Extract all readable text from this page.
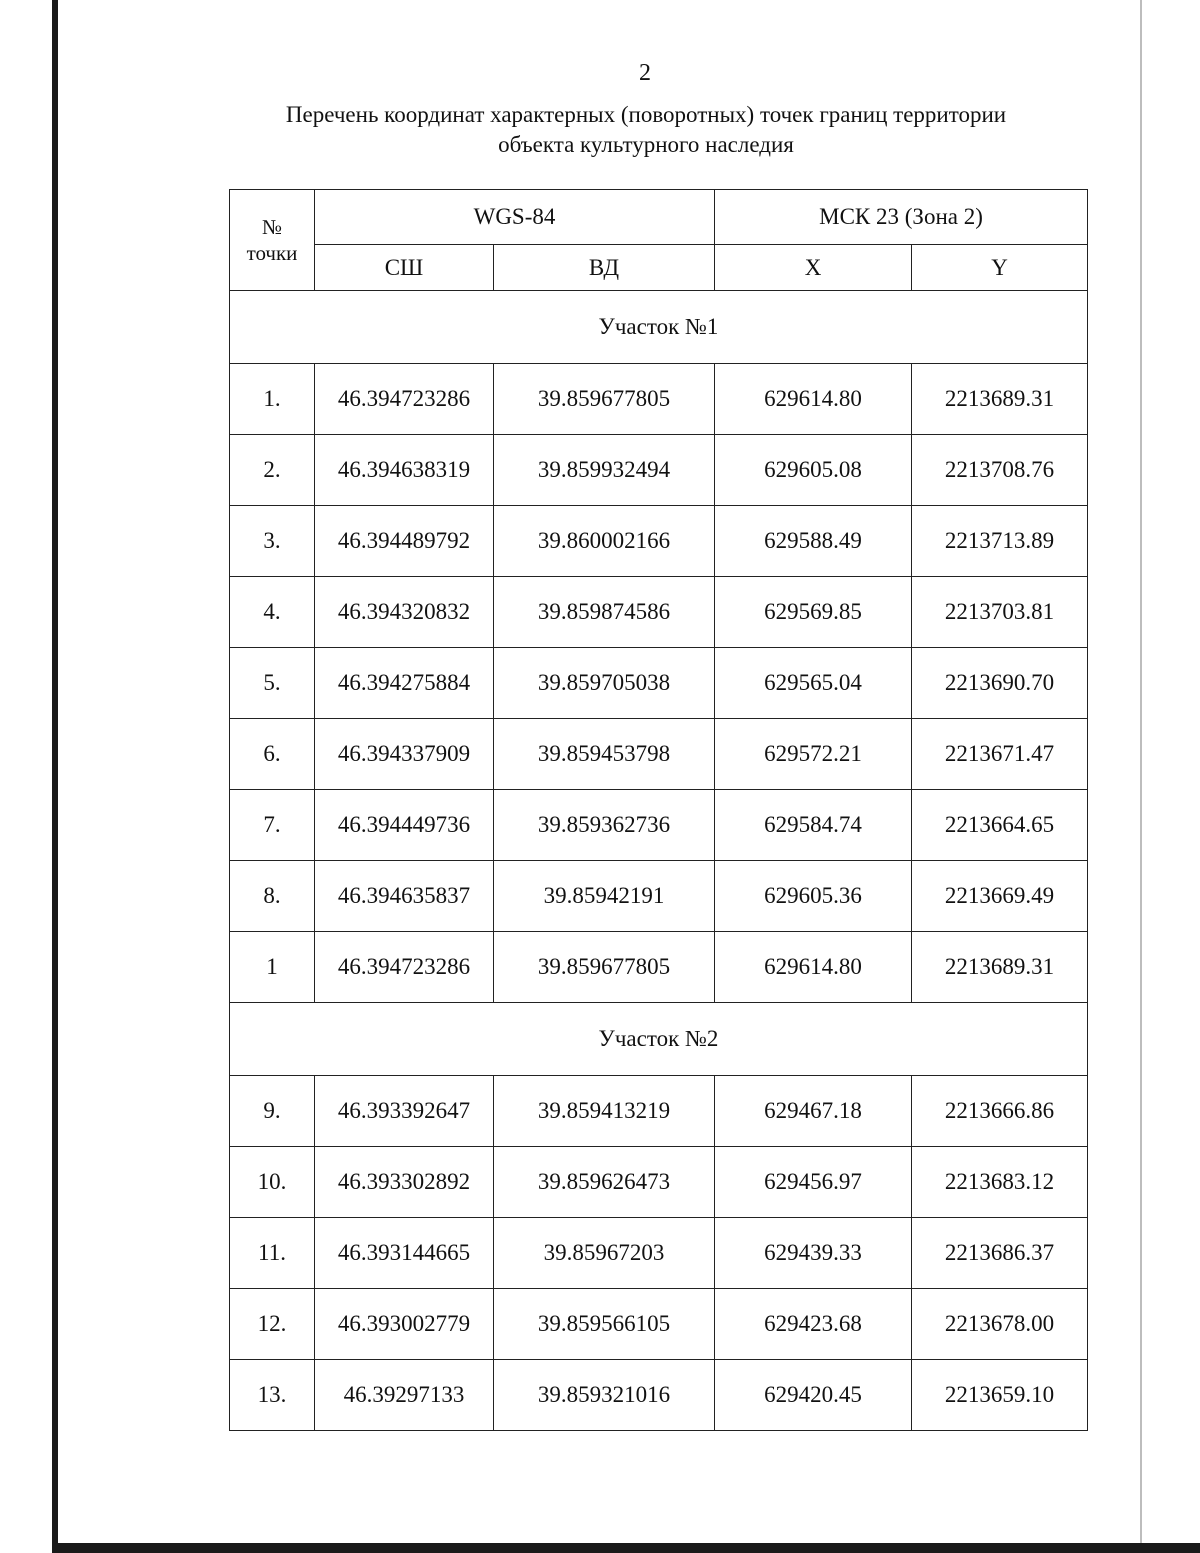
2
Перечень координат характерных (поворотных) точек границ территории
объекта культурного наследия
№
точки	WGS-84		МСК 23 (Зона 2)	
	СШ	ВД	X	Y
Участок №1				
1.	46.394723286	39.859677805	629614.80	2213689.31
2.	46.394638319	39.859932494	629605.08	2213708.76
3.	46.394489792	39.860002166	629588.49	2213713.89
4.	46.394320832	39.859874586	629569.85	2213703.81
5.	46.394275884	39.859705038	629565.04	2213690.70
6.	46.394337909	39.859453798	629572.21	2213671.47
7.	46.394449736	39.859362736	629584.74	2213664.65
8.	46.394635837	39.85942191	629605.36	2213669.49
1	46.394723286	39.859677805	629614.80	2213689.31
Участок №2				
9.	46.393392647	39.859413219	629467.18	2213666.86
10.	46.393302892	39.859626473	629456.97	2213683.12
11.	46.393144665	39.85967203	629439.33	2213686.37
12.	46.393002779	39.859566105	629423.68	2213678.00
13.	46.39297133	39.859321016	629420.45	2213659.10
